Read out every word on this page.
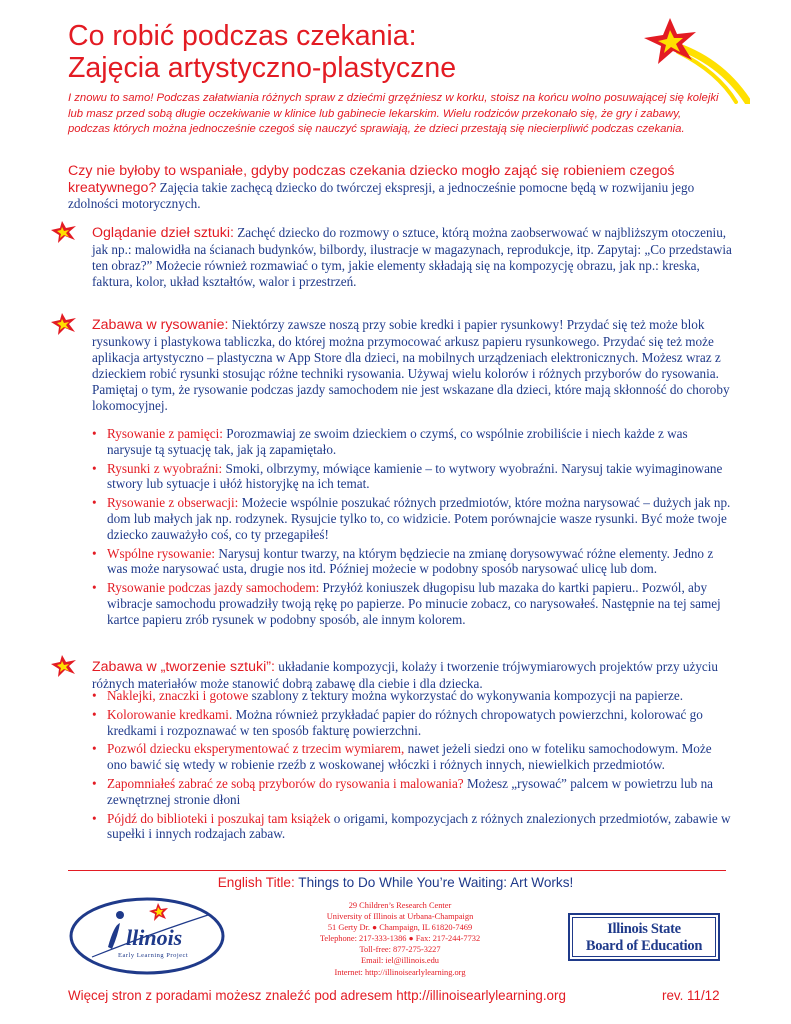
Co robić podczas czekania:
Zajęcia artystyczno-plastyczne

I znowu to samo! Podczas załatwiania różnych spraw z dziećmi grzęźniesz w korku, stoisz na końcu wolno posuwającej się kolejki lub masz przed sobą długie oczekiwanie w klinice lub gabinecie lekarskim. Wielu rodziców przekonało się, że gry i zabawy, podczas których można jednocześnie czegoś się nauczyć sprawiają, że dzieci przestają się niecierpliwić podczas czekania.

Czy nie byłoby to wspaniałe, gdyby podczas czekania dziecko mogło zająć się robieniem czegoś kreatywnego? Zajęcia takie zachęcą dziecko do twórczej ekspresji, a jednocześnie pomocne będą w rozwijaniu jego zdolności motorycznych.

Oglądanie dzieł sztuki: Zachęć dziecko do rozmowy o sztuce, którą można zaobserwować w najbliższym otoczeniu, jak np.: malowidła na ścianach budynków, bilbordy, ilustracje w magazynach, reprodukcje, itp. Zapytaj: „Co przedstawia ten obraz?” Możecie również rozmawiać o tym, jakie elementy składają się na kompozycję obrazu, jak np.: kreska, faktura, kolor, układ kształtów, walor i przestrzeń.

Zabawa w rysowanie: Niektórzy zawsze noszą przy sobie kredki i papier rysunkowy! Przydać się też może blok rysunkowy i plastykowa tabliczka, do której można przymocować arkusz papieru rysunkowego. Przydać się też może aplikacja artystyczno – plastyczna w App Store dla dzieci, na mobilnych urządzeniach elektronicznych. Możesz wraz z dzieckiem robić rysunki stosując różne techniki rysowania. Używaj wielu kolorów i różnych przyborów do rysowania. Pamiętaj o tym, że rysowanie podczas jazdy samochodem nie jest wskazane dla dzieci, które mają skłonność do choroby lokomocyjnej.

• Rysowanie z pamięci: Porozmawiaj ze swoim dzieckiem o czymś, co wspólnie zrobiliście i niech każde z was narysuje tą sytuację tak, jak ją zapamiętało.
• Rysunki z wyobraźni: Smoki, olbrzymy, mówiące kamienie – to wytwory wyobraźni. Narysuj takie wyimaginowane stwory lub sytuacje i ułóż historyjkę na ich temat.
• Rysowanie z obserwacji: Możecie wspólnie poszukać różnych przedmiotów, które można narysować – dużych jak np. dom lub małych jak np. rodzynek. Rysujcie tylko to, co widzicie. Potem porównajcie wasze rysunki. Być może twoje dziecko zauważyło coś, co ty przegapiłeś!
• Wspólne rysowanie: Narysuj kontur twarzy, na którym będziecie na zmianę dorysowywać różne elementy. Jedno z was może narysować usta, drugie nos itd. Później możecie w podobny sposób narysować ulicę lub dom.
• Rysowanie podczas jazdy samochodem: Przyłóż koniuszek długopisu lub mazaka do kartki papieru.. Pozwól, aby wibracje samochodu prowadziły twoją rękę po papierze. Po minucie zobacz, co narysowałeś. Następnie na tej samej kartce papieru zrób rysunek w podobny sposób, ale innym kolorem.

Zabawa w „tworzenie sztuki”: układanie kompozycji, kolaży i tworzenie trójwymiarowych projektów przy użyciu różnych materiałów może stanowić dobrą zabawę dla ciebie i dla dziecka.

• Naklejki, znaczki i gotowe szablony z tektury można wykorzystać do wykonywania kompozycji na papierze.
• Kolorowanie kredkami. Można również przykładać papier do różnych chropowatych powierzchni, kolorować go kredkami i rozpoznawać w ten sposób fakturę powierzchni.
• Pozwól dziecku eksperymentować z trzecim wymiarem, nawet jeżeli siedzi ono w foteliku samochodowym. Może ono bawić się wtedy w robienie rzeźb z woskowanej włóczki i różnych innych, niewielkich przedmiotów.
• Zapomniałeś zabrać ze sobą przyborów do rysowania i malowania? Możesz „rysować” palcem w powietrzu lub na zewnętrznej stronie dłoni
• Pójdź do biblioteki i poszukaj tam książek o origami, kompozycjach z różnych znalezionych przedmiotów, zabawie w supełki i innych rodzajach zabaw.
English Title: Things to Do While You’re Waiting: Art Works!
llinois
Early Learning Project
29 Children’s Research Center
University of Illinois at Urbana-Champaign
51 Gerty Dr. ● Champaign, IL 61820-7469
Telephone: 217-333-1386 ● Fax: 217-244-7732
Toll-free: 877-275-3227
Email: iel@illinois.edu
Internet: http://illinoisearlylearning.org
Illinois State
Board of Education
Więcej stron z poradami możesz znaleźć pod adresem http://illinoisearlylearning.org	rev. 11/12
